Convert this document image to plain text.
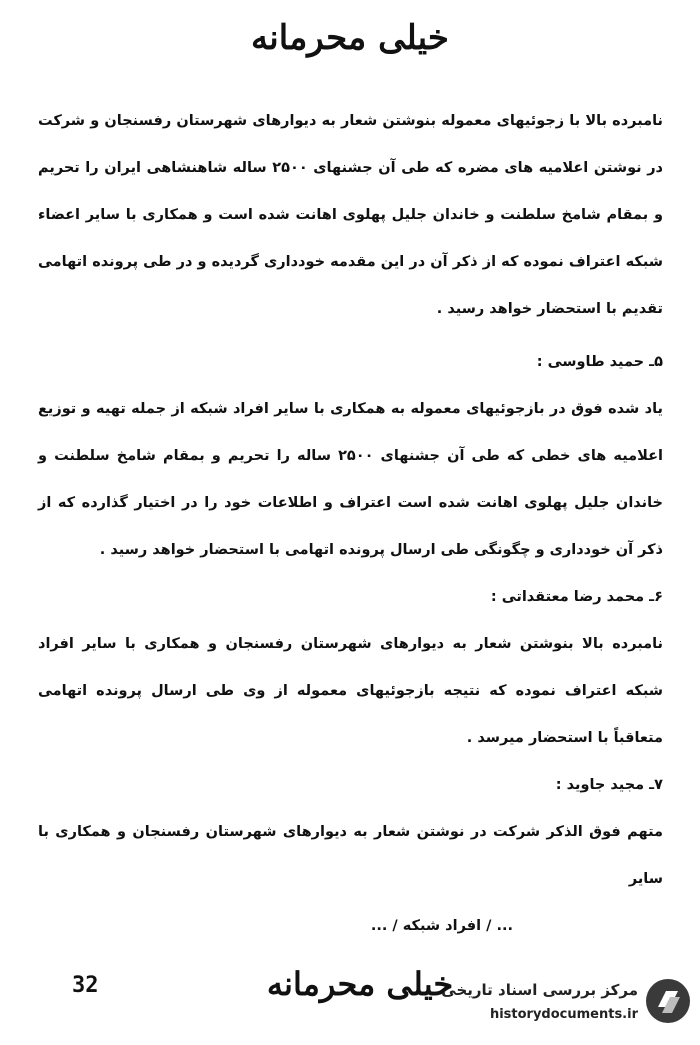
خیلی محرمانه

نامبرده بالا با زجوئیهای معموله بنوشتن شعار به دیوارهای شهرستان رفسنجان و شرکت در نوشتن اعلامیه های مضره که طی آن جشنهای ۲۵۰۰ ساله شاهنشاهی ایران را تحریم و بمقام شامخ سلطنت و خاندان جلیل پهلوی اهانت شده است و همکاری با سایر اعضاء شبکه اعتراف نموده که از ذکر آن در این مقدمه خودداری گردیده و در طی پرونده اتهامی تقدیم با استحضار خواهد رسید .

۵ـ حمید طاوسی :

یاد شده فوق در بازجوئیهای معموله به همکاری با سایر افراد شبکه از جمله تهیه و توزیع اعلامیه های خطی که طی آن جشنهای ۲۵۰۰ ساله را تحریم و بمقام شامخ سلطنت و خاندان جلیل پهلوی اهانت شده است اعتراف و اطلاعات خود را در اختیار گذارده که از ذکر آن خودداری و چگونگی طی ارسال پرونده اتهامی با استحضار خواهد رسید .

۶ـ محمد رضا معتقداتی :

نامبرده بالا بنوشتن شعار به دیوارهای شهرستان رفسنجان و همکاری با سایر افراد شبکه اعتراف نموده که نتیجه بازجوئیهای معموله از وی طی ارسال پرونده اتهامی متعاقباً با استحضار میرسد .

۷ـ مجید جاوید :

متهم فوق الذکر شرکت در نوشتن شعار به دیوارهای شهرستان رفسنجان و همکاری با سایر

... / افراد شبکه / ...

32	خیلی محرمانه
مرکز بررسی اسناد تاریخی
historydocuments.ir
